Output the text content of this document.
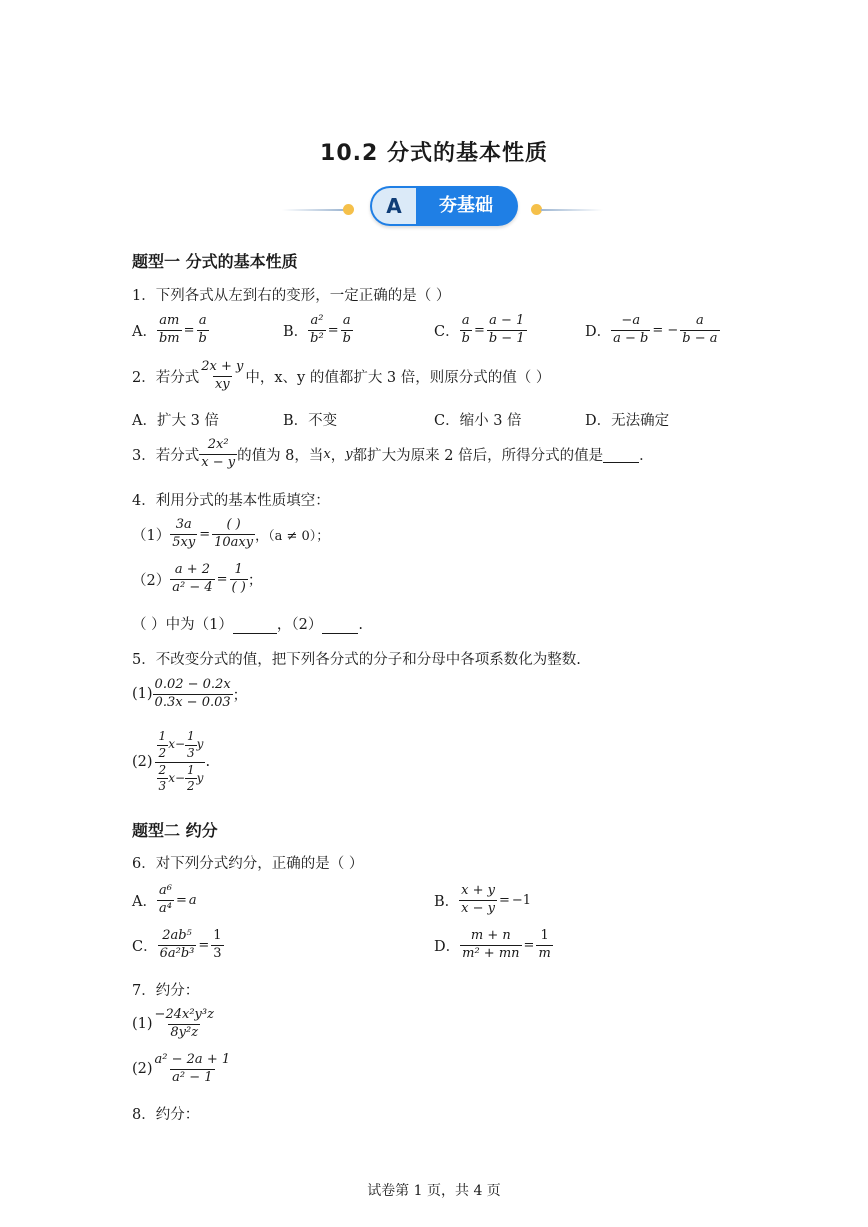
10.2 分式的基本性质
A	夯基础
题型一 分式的基本性质
1．下列各式从左到右的变形，一定正确的是（ ）
A． $\frac{am}{bm} = \frac{a}{b}$	B． $\frac{\text{a²}}{\text{b²}} = \frac{a}{b}$	C． $\frac{a}{b} = \frac{a - 1}{b - 1}$	D． $\frac{-a}{a - b}$ = − $\frac{a}{b - a}$
2．若分式 $\frac{2x + y}{xy}$ 中，x、y 的值都扩大 3 倍，则原分式的值（ ）
A．扩大 3 倍	B．不变	C．缩小 3 倍	D．无法确定
3．若分式 $\frac{\text{2x²}}{x - y}$ 的值为 8，当 x ， y 都扩大为原来 2 倍后，所得分式的值是
．
4．利用分式的基本性质填空：
$(1) \frac{3a}{5xy} = \frac{( )}{\text{10axy}}$ ，（a ≠ 0）；
$(2) \frac{a + 2}{\text{a² − 4}} = \frac{1}{( )}$ ；
（ ）中为（1）	，（2） .
5．不改变分式的值，把下列各分式的分子和分母中各项系数化为整数.
$(1) \frac{0.02 - 0.2x}{0.3x - 0.03}$ ；
$(2) \frac{\frac{1}{2} x- \frac{1}{3} y}{\frac{2}{3} x- \frac{1}{2} y}$ .
题型二 约分
6．对下列分式约分，正确的是（ ）
A． $\frac{\text{a⁶}}{\text{a⁴}} = a$	B． $\frac{x + y}{x - y} = -1$
C． $\frac{\text{2ab⁵}}{\text{6a²b³}} = \frac{1}{3}$	D． $\frac{m + n}{\text{m² + mn}} = \frac{1}{m}$
7．约分：
$(1) \frac{\text{−24x²y³z}}{\text{8y²z}}$
$(2) \frac{\text{a² − 2a + 1}}{\text{a² − 1}}$
8．约分：
试卷第 1 页，共 4 页
